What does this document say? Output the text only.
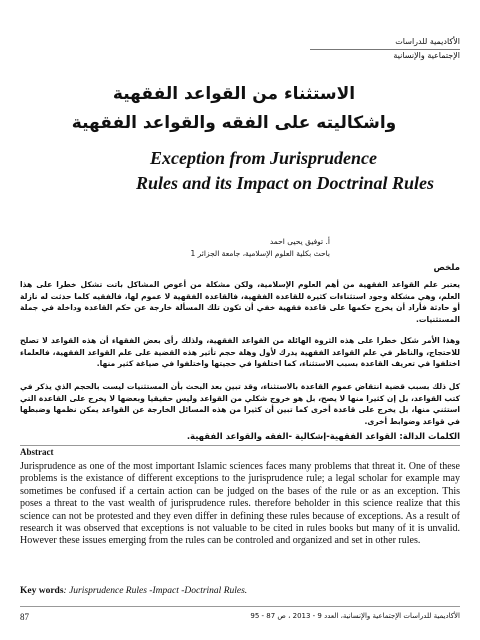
الأكاديمية للدراسات
الإجتماعية والإنسانية
الاستثناء من القواعد الفقهية
واشكاليته على الفقه والقواعد الفقهية
Exception from Jurisprudence
Rules and its Impact on Doctrinal Rules
أ. توفيق يحيى احمد
باحث بكلية العلوم الإسلامية، جامعة الجزائر 1
ملخص
يعتبر علم القواعد الفقهية من أهم العلوم الإسلامية، ولكن مشكلة من أعوص المشاكل باتت تشكل خطرا على هذا العلم، وهي مشكلة وجود استثناءات كثيرة للقاعدة الفقهية، فالقاعدة الفقهية لا عموم لها، فالفقيه كلما حدثت له نازلة أو حادثة فأراد أن يخرج حكمها على قاعدة فقهية خفي أن تكون تلك المسألة خارجة عن حكم القاعدة وداخلة في جملة المستثنيات.
وهذا الأمر شكل خطرا على هذه الثروة الهائلة من القواعد الفقهية، ولذلك رأى بعض الفقهاء أن هذه القواعد لا تصلح للاحتجاج، والناظر في علم القواعد الفقهية يدرك لأول وهلة حجم تأثير هذه القضية على علم القواعد الفقهية، فالعلماء اختلفوا في تعريف القاعدة بسبب الاستثناء، كما اختلفوا في حجيتها واختلفوا في صياغة كثير منها.
كل ذلك بسبب قضية انتقاض عموم القاعدة بالاستثناء، وقد تبين بعد البحث بأن المستثنيات ليست بالحجم الذي يذكر في كتب القواعد، بل إن كثيرا منها لا يصح، بل هو خروج شكلي من القواعد وليس حقيقيا وبعضها لا يخرج على القاعدة التي استثني منها، بل يخرج على قاعدة أخرى كما تبين أن كثيرا من هذه المسائل الخارجة عن القواعد يمكن نظمها وضبطها في قواعد وضوابط أخرى.
الكلمات الدالة: القواعد الفقهية-إشكالية -الفقه والقواعد الفقهية.
Abstract
Jurisprudence as one of the most important Islamic sciences faces many problems that threat it. One of these problems is the existance of different exceptions to the jurisprudence rule; a legal scholar for example may sometimes be confused if a certain action can be judged on the bases of the rule or as an exception. This poses a threat to the vast wealth of jurisprudence rules. therefore beholder in this science realize that this science can not be protested and they even differ in defining these rules because of exceptions. As a result of research it was observed that exceptions is not valuable to be cited in rules books but many of it is unvalid. However these issues emerging from the rules can be controled and organized and set in other rules.
Key words: Jurisprudence Rules -Impact -Doctrinal Rules.
87	الأكاديمية للدراسات الإجتماعية والإنسانية، العدد 9 - 2013 ، ص 87 - 95
